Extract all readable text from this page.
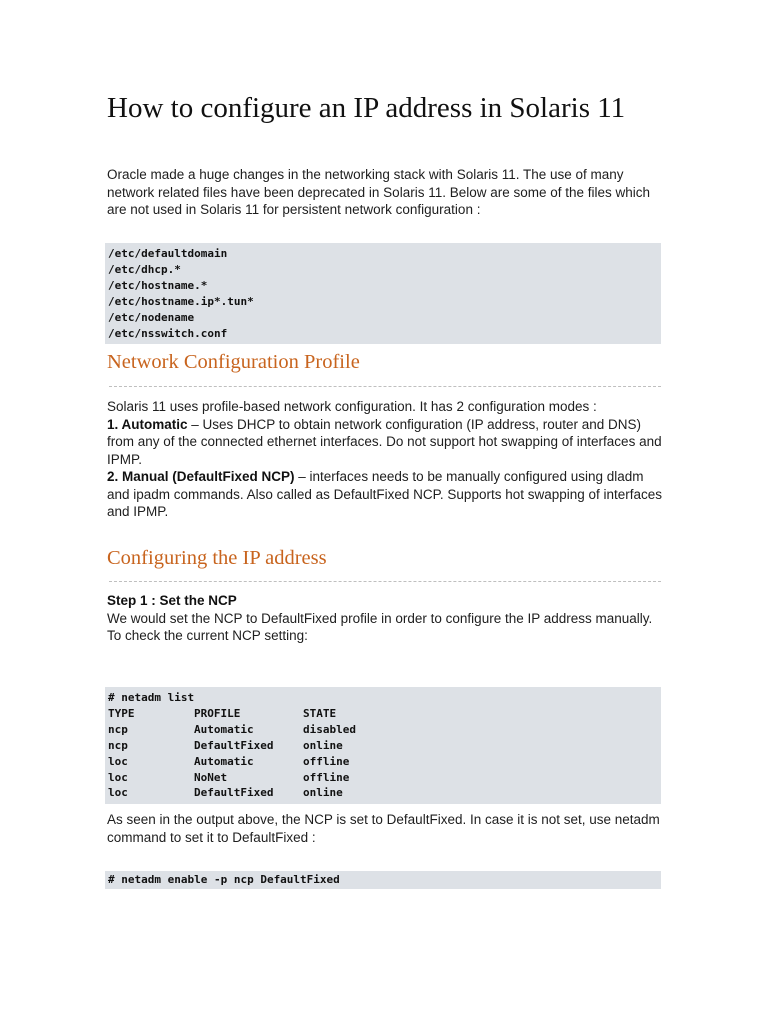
How to configure an IP address in Solaris 11

Oracle made a huge changes in the networking stack with Solaris 11. The use of many network related files have been deprecated in Solaris 11. Below are some of the files which are not used in Solaris 11 for persistent network configuration :

/etc/defaultdomain
/etc/dhcp.*
/etc/hostname.*
/etc/hostname.ip*.tun*
/etc/nodename
/etc/nsswitch.conf
Network Configuration Profile

Solaris 11 uses profile-based network configuration. It has 2 configuration modes :

1. Automatic – Uses DHCP to obtain network configuration (IP address, router and DNS) from any of the connected ethernet interfaces. Do not support hot swapping of interfaces and IPMP.

2. Manual (DefaultFixed NCP) – interfaces needs to be manually configured using dladm and ipadm commands. Also called as DefaultFixed NCP. Supports hot swapping of interfaces and IPMP.

Configuring the IP address

Step 1 : Set the NCP

We would set the NCP to DefaultFixed profile in order to configure the IP address manually.

To check the current NCP setting:

# netadm list
TYPE	PROFILE	STATE
ncp	Automatic	disabled
ncp	DefaultFixed	online
loc	Automatic	offline
loc	NoNet	offline
loc	DefaultFixed	online

As seen in the output above, the NCP is set to DefaultFixed. In case it is not set, use netadm command to set it to DefaultFixed :

# netadm enable -p ncp DefaultFixed
